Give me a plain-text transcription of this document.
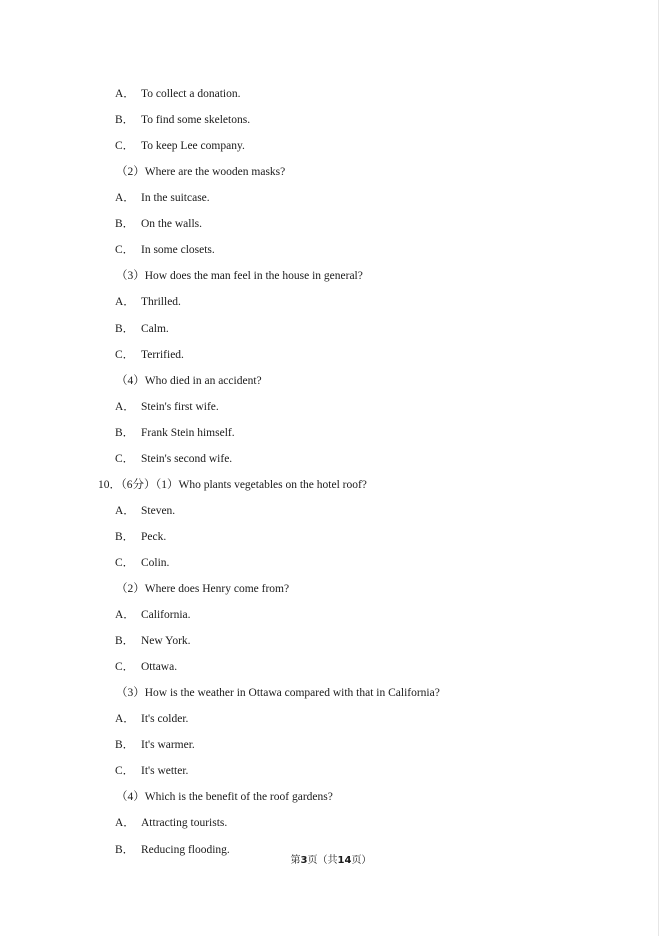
A． To collect a donation.
B． To find some skeletons.
C． To keep Lee company.
（2）Where are the wooden masks?
A． In the suitcase.
B． On the walls.
C． In some closets.
（3）How does the man feel in the house in general?
A． Thrilled.
B． Calm.
C． Terrified.
（4）Who died in an accident?
A． Stein's first wife.
B． Frank Stein himself.
C． Stein's second wife.
10．（6分）（1）Who plants vegetables on the hotel roof?
A． Steven.
B． Peck.
C． Colin.
（2）Where does Henry come from?
A． California.
B． New York.
C． Ottawa.
（3）How is the weather in Ottawa compared with that in California?
A． It's colder.
B． It's warmer.
C． It's wetter.
（4）Which is the benefit of the roof gardens?
A． Attracting tourists.
B． Reducing flooding.
第3页（共14页）
